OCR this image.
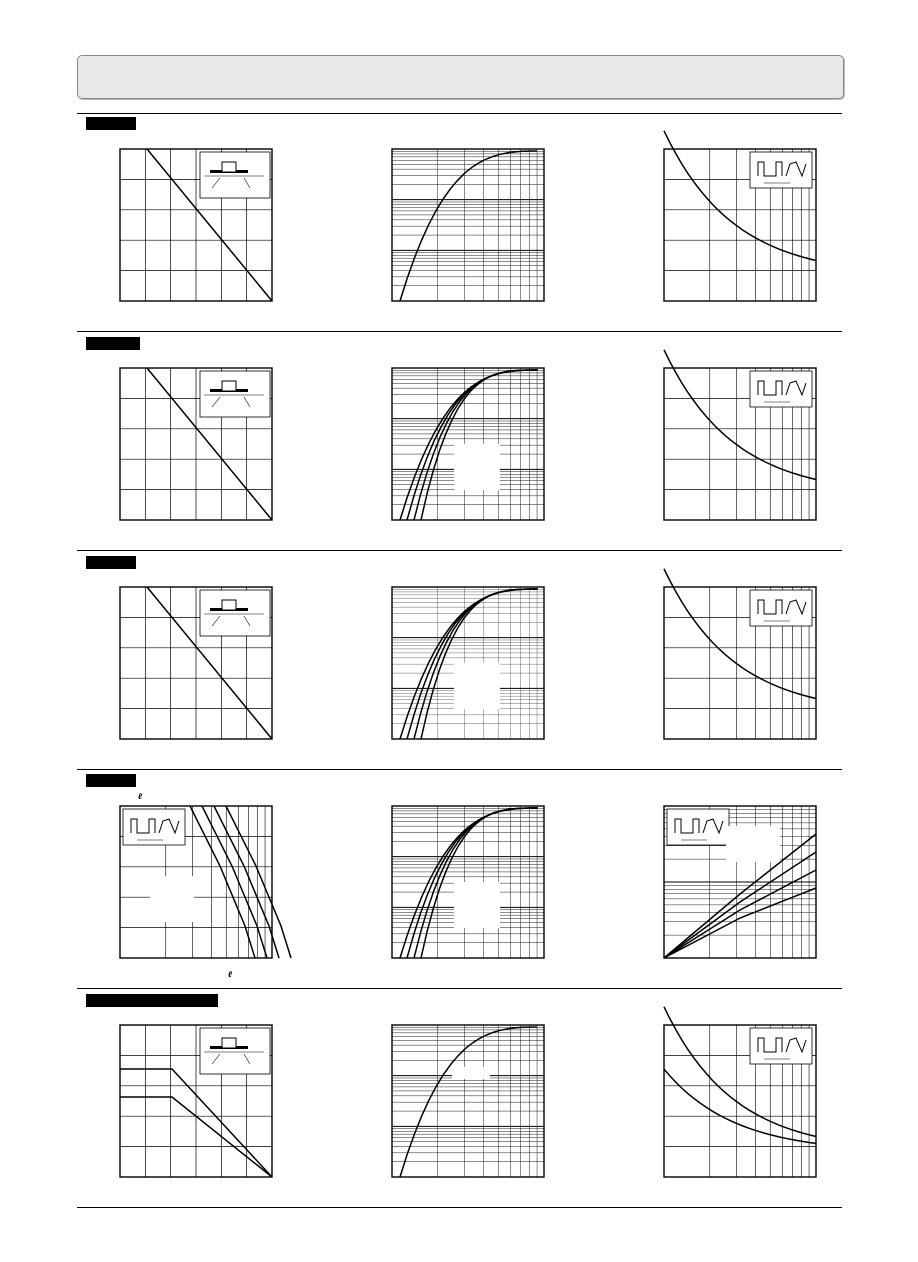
ℓ
ℓ
